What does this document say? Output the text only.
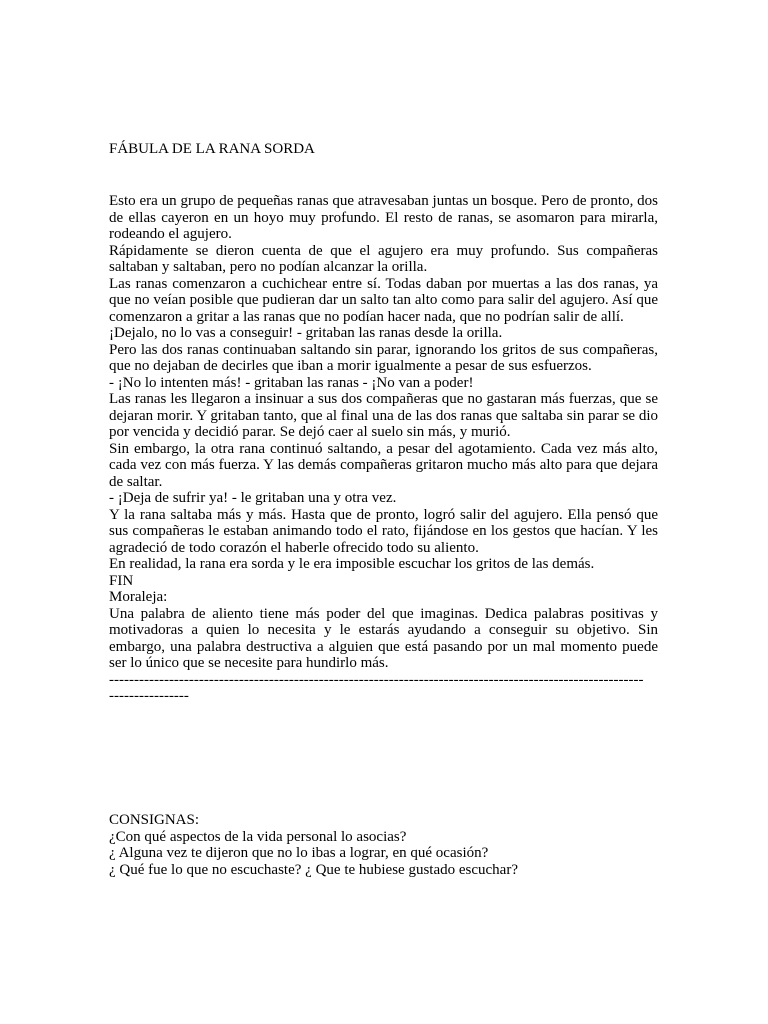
FÁBULA DE LA RANA SORDA

Esto era un grupo de pequeñas ranas que atravesaban juntas un bosque. Pero de pronto, dos de ellas cayeron en un hoyo muy profundo. El resto de ranas, se asomaron para mirarla, rodeando el agujero.

Rápidamente se dieron cuenta de que el agujero era muy profundo. Sus compañeras saltaban y saltaban, pero no podían alcanzar la orilla.

Las ranas comenzaron a cuchichear entre sí. Todas daban por muertas a las dos ranas, ya que no veían posible que pudieran dar un salto tan alto como para salir del agujero. Así que comenzaron a gritar a las ranas que no podían hacer nada, que no podrían salir de allí.

¡Dejalo, no lo vas a conseguir! - gritaban las ranas desde la orilla.

Pero las dos ranas continuaban saltando sin parar, ignorando los gritos de sus compañeras, que no dejaban de decirles que iban a morir igualmente a pesar de sus esfuerzos.

- ¡No lo intenten más! - gritaban las ranas - ¡No van a poder!

Las ranas les llegaron a insinuar a sus dos compañeras que no gastaran más fuerzas, que se dejaran morir. Y gritaban tanto, que al final una de las dos ranas que saltaba sin parar se dio por vencida y decidió parar. Se dejó caer al suelo sin más, y murió.

Sin embargo, la otra rana continuó saltando, a pesar del agotamiento. Cada vez más alto, cada vez con más fuerza. Y las demás compañeras gritaron mucho más alto para que dejara de saltar.

- ¡Deja de sufrir ya! - le gritaban una y otra vez.

Y la rana saltaba más y más. Hasta que de pronto, logró salir del agujero. Ella pensó que sus compañeras le estaban animando todo el rato, fijándose en los gestos que hacían. Y les agradeció de todo corazón el haberle ofrecido todo su aliento.

En realidad, la rana era sorda y le era imposible escuchar los gritos de las demás.

FIN

Moraleja:

Una palabra de aliento tiene más poder del que imaginas. Dedica palabras positivas y motivadoras a quien lo necesita y le estarás ayudando a conseguir su objetivo. Sin embargo, una palabra destructiva a alguien que está pasando por un mal momento puede ser lo único que se necesite para hundirlo más.

-----------------------------------------------------------------------------------------------------------

----------------

CONSIGNAS:

¿Con qué aspectos de la vida personal lo asocias?

¿ Alguna vez te dijeron que no lo ibas a lograr, en qué ocasión?

¿ Qué fue lo que no escuchaste? ¿ Que te hubiese gustado escuchar?
